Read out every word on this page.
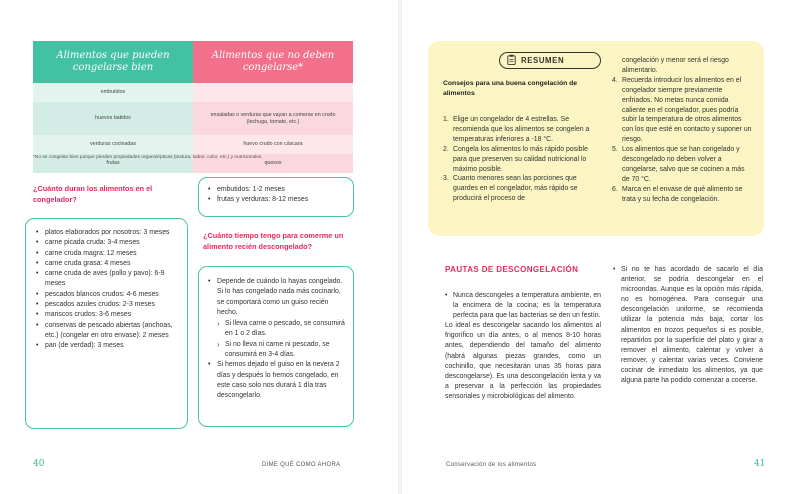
Alimentos que pueden congelarse bien	Alimentos que no deben congelarse*
embutidos	
huevos batidos	ensaladas o verduras que vayan a comerse en crudo (lechuga, tomate, etc.)
verduras cocinadas	huevo crudo con cáscara
frutas	quesos
*No se congelan bien porque pierden propiedades organolépticas (textura, sabor, color, etc.) y nutricionales.
¿Cuánto duran los alimentos en el congelador?
• embutidos: 1-2 meses
• frutas y verduras: 8-12 meses
• platos elaborados por nosotros: 3 meses
• carne picada cruda: 3-4 meses
• carne cruda magra: 12 meses
• carne cruda grasa: 4 meses
• carne cruda de aves (pollo y pavo): 6-9 meses
• pescados blancos crudos: 4-6 meses
• pescados azules crudos: 2-3 meses
• mariscos crudos: 3-6 meses
• conservas de pescado abiertas (anchoas, etc.) (congelar en otro envase): 2 meses
• pan (de verdad): 3 meses
¿Cuánto tiempo tengo para comerme un alimento recién descongelado?
• Depende de cuándo lo hayas congelado. Si lo has congelado nada más cocinarlo, se comportará como un guiso recién hecho.
› Si lleva carne o pescado, se consumirá en 1 o 2 días.
› Si no lleva ni carne ni pescado, se consumirá en 3-4 días.
• Si hemos dejado el guiso en la nevera 2 días y después lo hemos congelado, en este caso solo nos durará 1 día tras descongelarlo.
40	DIME QUÉ COMO AHORA
RESUMEN
Consejos para una buena congelación de alimentos
1. Elige un congelador de 4 estrellas. Se recomienda que los alimentos se congelen a temperaturas inferiores a -18 °C.
2. Congela los alimentos lo más rápido posible para que preserven su calidad nutricional lo máximo posible.
3. Cuanto menores sean las porciones que guardes en el congelador, más rápido se producirá el proceso de
congelación y menor será el riesgo alimentario.
4. Recuerda introducir los alimentos en el congelador siempre previamente enfriados. No metas nunca comida caliente en el congelador, pues podría subir la temperatura de otros alimentos con los que esté en contacto y suponer un riesgo.
5. Los alimentos que se han congelado y descongelado no deben volver a congelarse, salvo que se cocinen a más de 70 °C.
6. Marca en el envase de qué alimento se trata y su fecha de congelación.
PAUTAS DE DESCONGELACIÓN

• Nunca descongeles a temperatura ambiente, en la encimera de la cocina; es la temperatura perfecta para que las bacterias se den un festín.

Lo ideal es descongelar sacando los alimentos al frigorífico un día antes, o al menos 8-10 horas antes, dependiendo del tamaño del alimento (habrá algunas piezas grandes, como un cochinillo, que necesitarán unas 35 horas para descongelarse). Es una descongelación lenta y va a preservar a la perfección las propiedades sensoriales y microbiológicas del alimento.

• Si no te has acordado de sacarlo el día anterior, se podría descongelar en el microondas. Aunque es la opción más rápida, no es homogénea. Para conseguir una descongelación uniforme, se recomienda utilizar la potencia más baja, cortar los alimentos en trozos pequeños si es posible, repartirlos por la superficie del plato y girar a remover el alimento, calentar y volver a remover, y calentar varias veces. Conviene cocinar de inmediato los alimentos, ya que alguna parte ha podido comenzar a cocerse.

Conservación de los alimentos	41
